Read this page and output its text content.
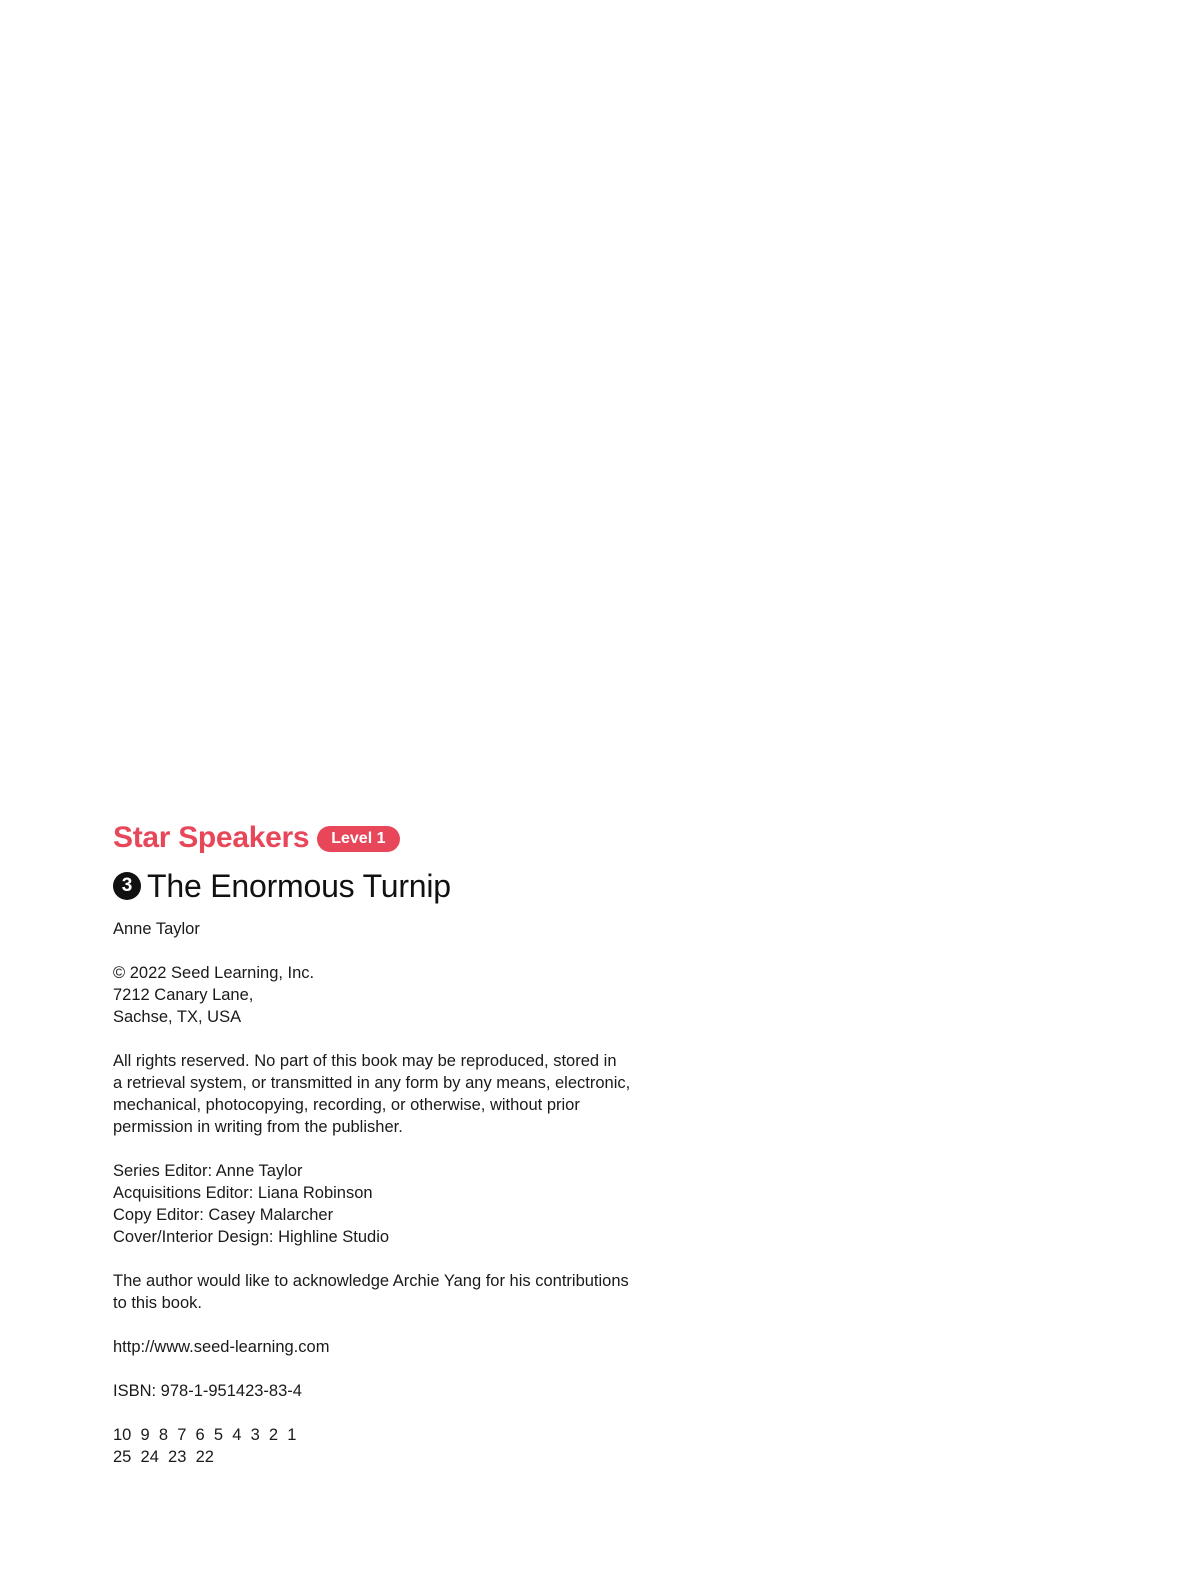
Star Speakers	Level 1
3 The Enormous Turnip
Anne Taylor
© 2022 Seed Learning, Inc.
7212 Canary Lane,
Sachse, TX, USA
All rights reserved. No part of this book may be reproduced, stored in
a retrieval system, or transmitted in any form by any means, electronic,
mechanical, photocopying, recording, or otherwise, without prior
permission in writing from the publisher.
Series Editor: Anne Taylor
Acquisitions Editor: Liana Robinson
Copy Editor: Casey Malarcher
Cover/Interior Design: Highline Studio
The author would like to acknowledge Archie Yang for his contributions
to this book.
http://www.seed-learning.com
ISBN: 978-1-951423-83-4
10  9  8  7  6  5  4  3  2  1
25  24  23  22
